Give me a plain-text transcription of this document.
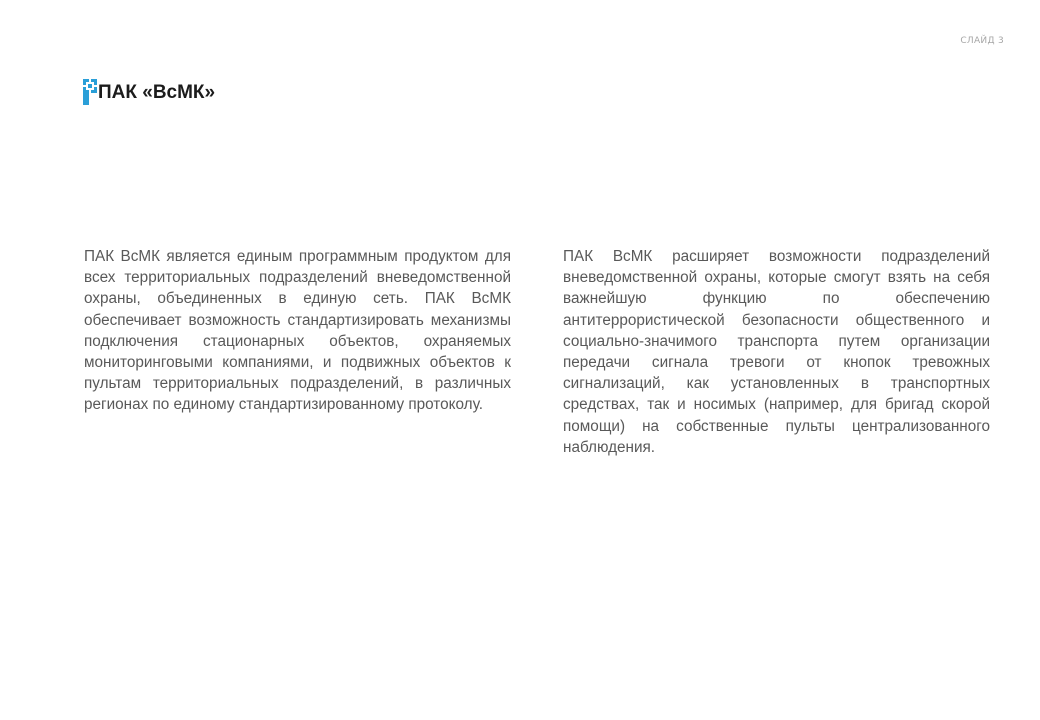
СЛАЙД 3
ПАК «ВсМК»
ПАК ВсМК является единым программным продуктом для всех территориальных подразделений вневедомственной охраны, объединенных в единую сеть. ПАК ВсМК обеспечивает возможность стандартизировать механизмы подключения стационарных объектов, охраняемых мониторинговыми компаниями, и подвижных объектов к пультам территориальных подразделений, в различных регионах по единому стандартизированному протоколу.
ПАК ВсМК расширяет возможности подразделений вневедомственной охраны, которые смогут взять на себя важнейшую функцию по обеспечению антитеррористической безопасности общественного и социально-значимого транспорта путем организации передачи сигнала тревоги от кнопок тревожных сигнализаций, как установленных в транспортных средствах, так и носимых (например, для бригад скорой помощи) на собственные пульты централизованного наблюдения.
